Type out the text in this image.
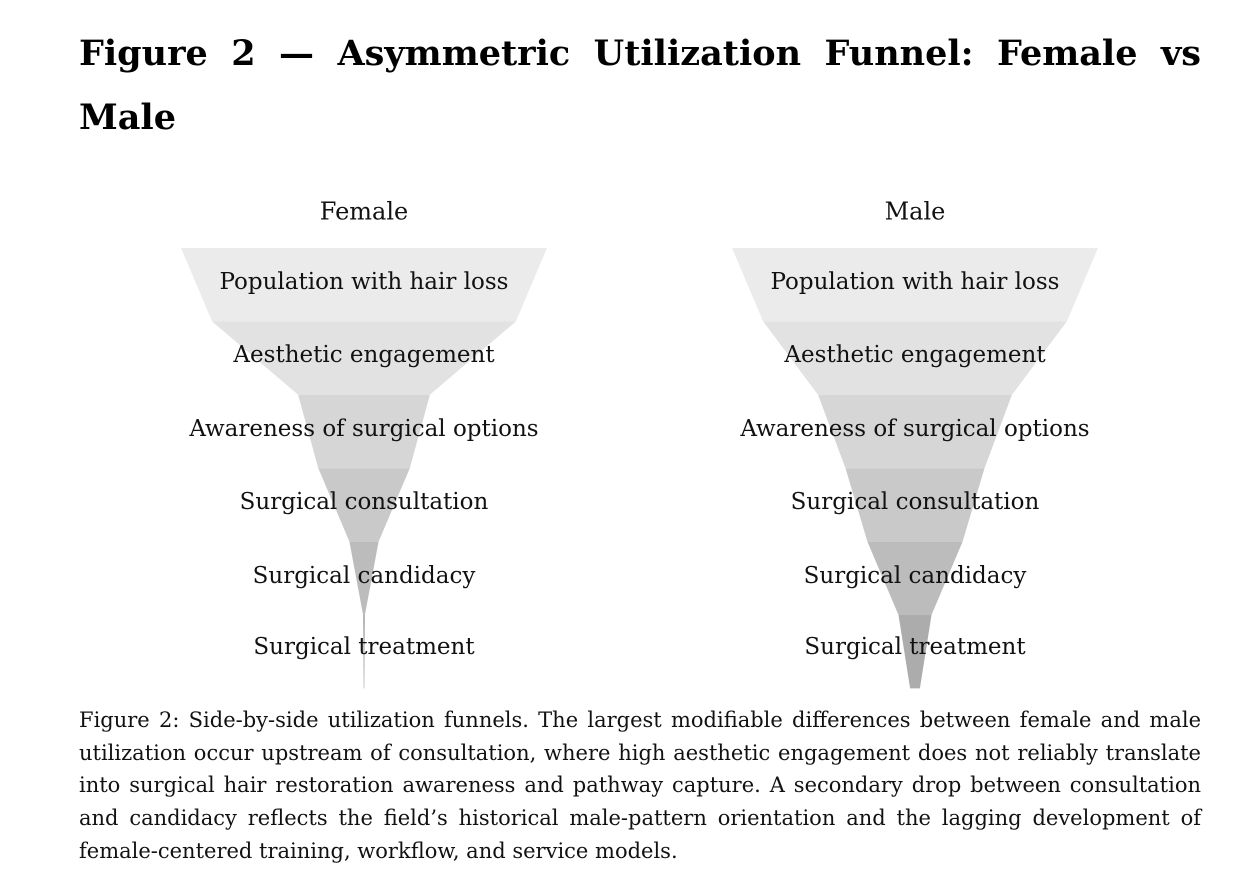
Figure 2 — Asymmetric Utilization Funnel: Female vs Male
Female
Population with hair loss
Aesthetic engagement
Awareness of surgical options
Surgical consultation
Surgical candidacy
Surgical treatment
Male
Population with hair loss
Aesthetic engagement
Awareness of surgical options
Surgical consultation
Surgical candidacy
Surgical treatment

Figure 2: Side-by-side utilization funnels. The largest modifiable differences between female and male utilization occur upstream of consultation, where high aesthetic engagement does not reliably translate into surgical hair restoration awareness and pathway capture. A secondary drop between consultation and candidacy reflects the field’s historical male-pattern orientation and the lagging development of female-centered training, workflow, and service models.
